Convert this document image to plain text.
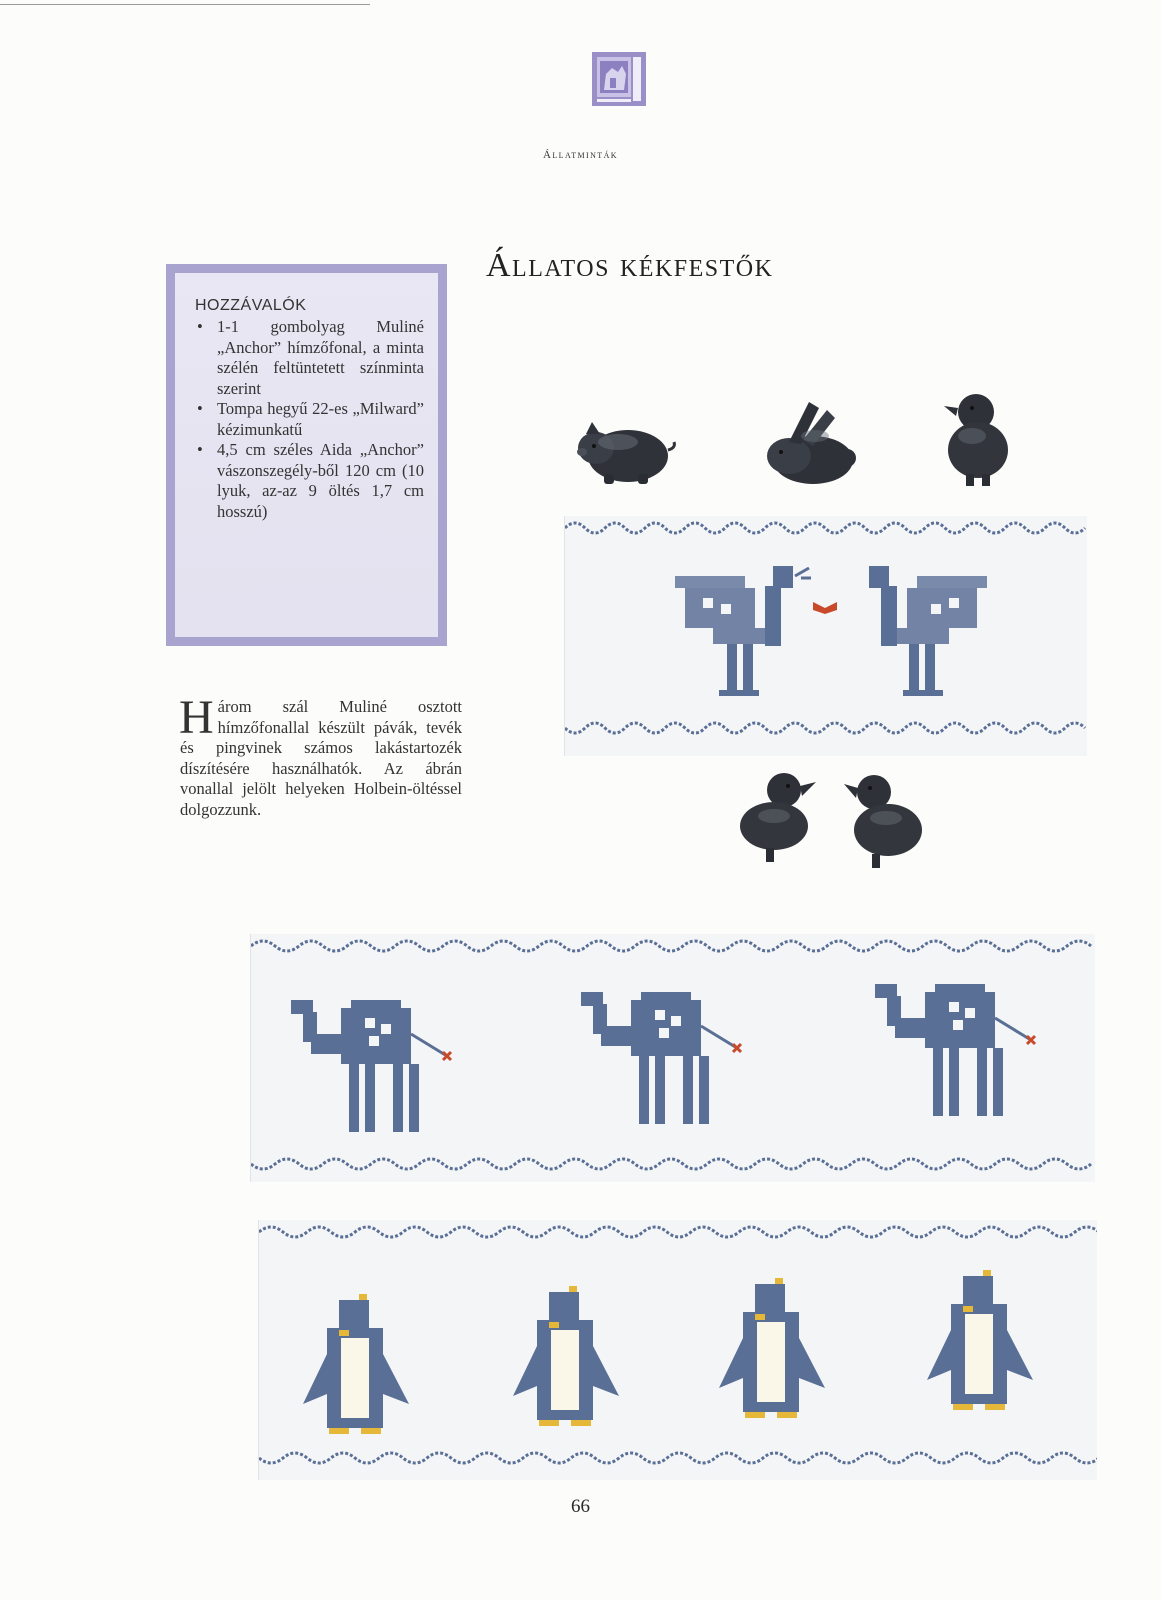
Állatminták
Állatos kékfestők
HOZZÁVALÓK
• 1-1 gombolyag Muliné „Anchor” hímzőfonal, a minta szélén feltüntetett színminta szerint
• Tompa hegyű 22-es „Milward” kézimunkatű
• 4,5 cm széles Aida „Anchor” vászonszegély-ből 120 cm (10 lyuk, az-az 9 öltés 1,7 cm hosszú)
Három szál Muliné osztott hímzőfonallal készült pávák, tevék és pingvinek számos lakástartozék díszítésére használhatók. Az ábrán vonallal jelölt helyeken Holbein-öltéssel dolgozzunk.
66
